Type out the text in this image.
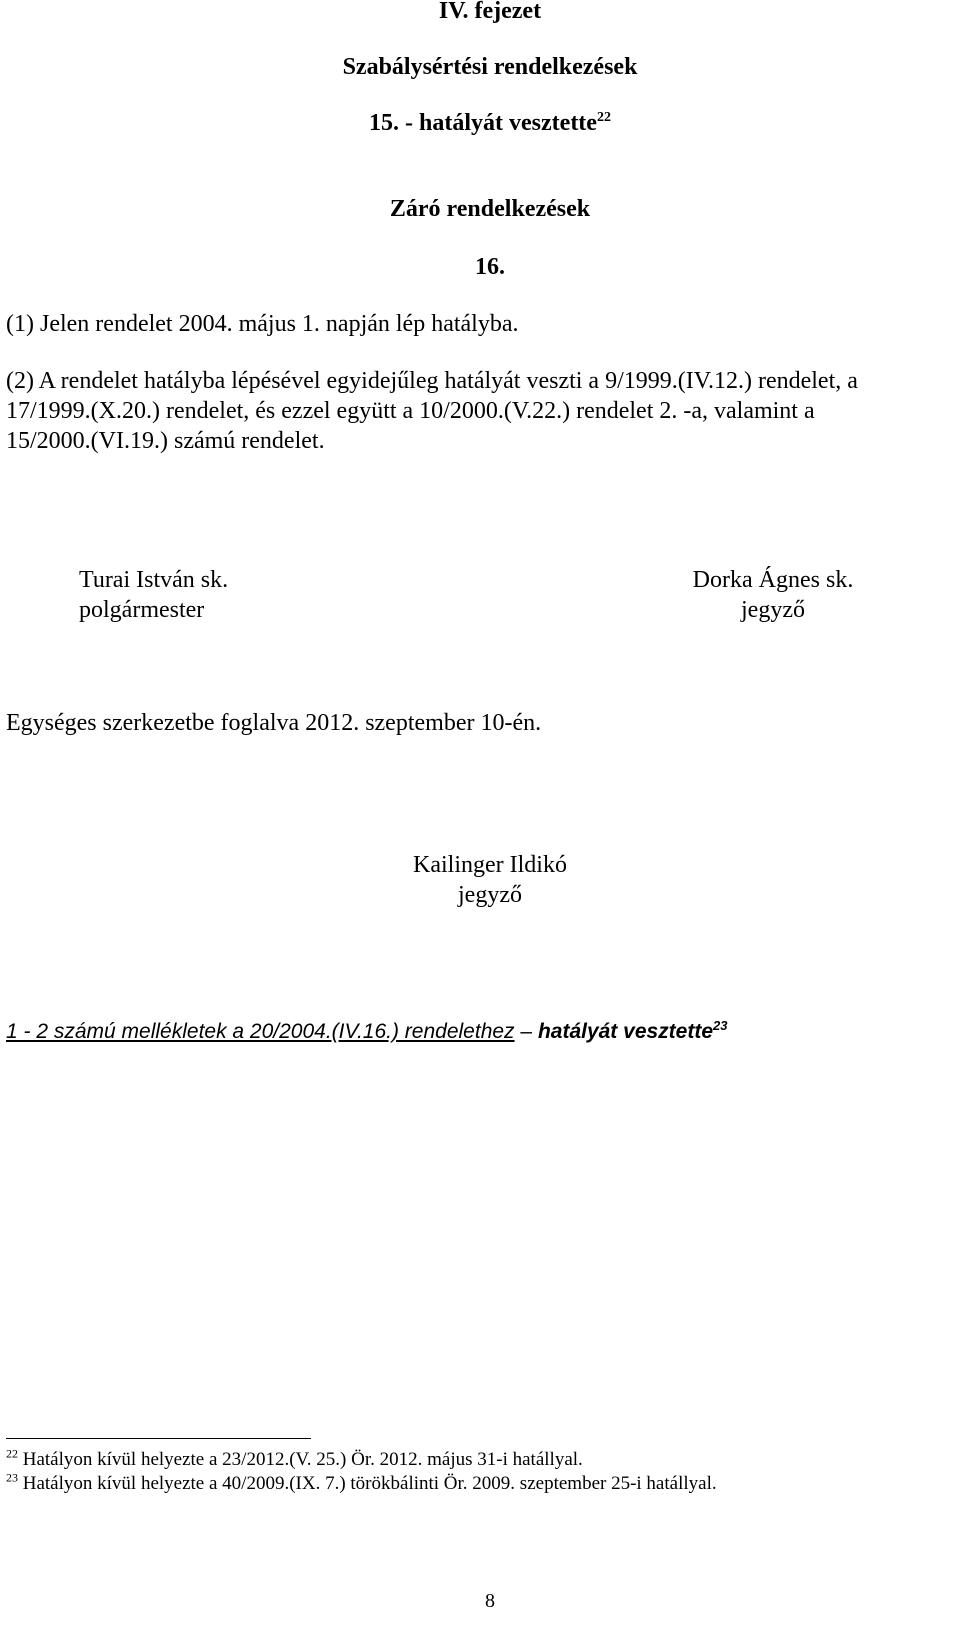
IV. fejezet
Szabálysértési rendelkezések
15. - hatályát vesztette$^{22}$
Záró rendelkezések
16.
(1) Jelen rendelet 2004. május 1. napján lép hatályba.
(2) A rendelet hatályba lépésével egyidejűleg hatályát veszti a 9/1999.(IV.12.) rendelet, a
17/1999.(X.20.) rendelet, és ezzel együtt a 10/2000.(V.22.) rendelet 2. -a, valamint a
15/2000.(VI.19.) számú rendelet.
Turai István sk.
polgármester
Dorka Ágnes sk.
jegyző
Egységes szerkezetbe foglalva 2012. szeptember 10-én.
Kailinger Ildikó
jegyző
1 - 2 számú mellékletek a 20/2004.(IV.16.) rendelethez – hatályát vesztette$^{23}$
$^{22}$ Hatályon kívül helyezte a 23/2012.(V. 25.) Ör. 2012. május 31-i hatállyal.
$^{23}$ Hatályon kívül helyezte a 40/2009.(IX. 7.) törökbálinti Ör. 2009. szeptember 25-i hatállyal.
8
